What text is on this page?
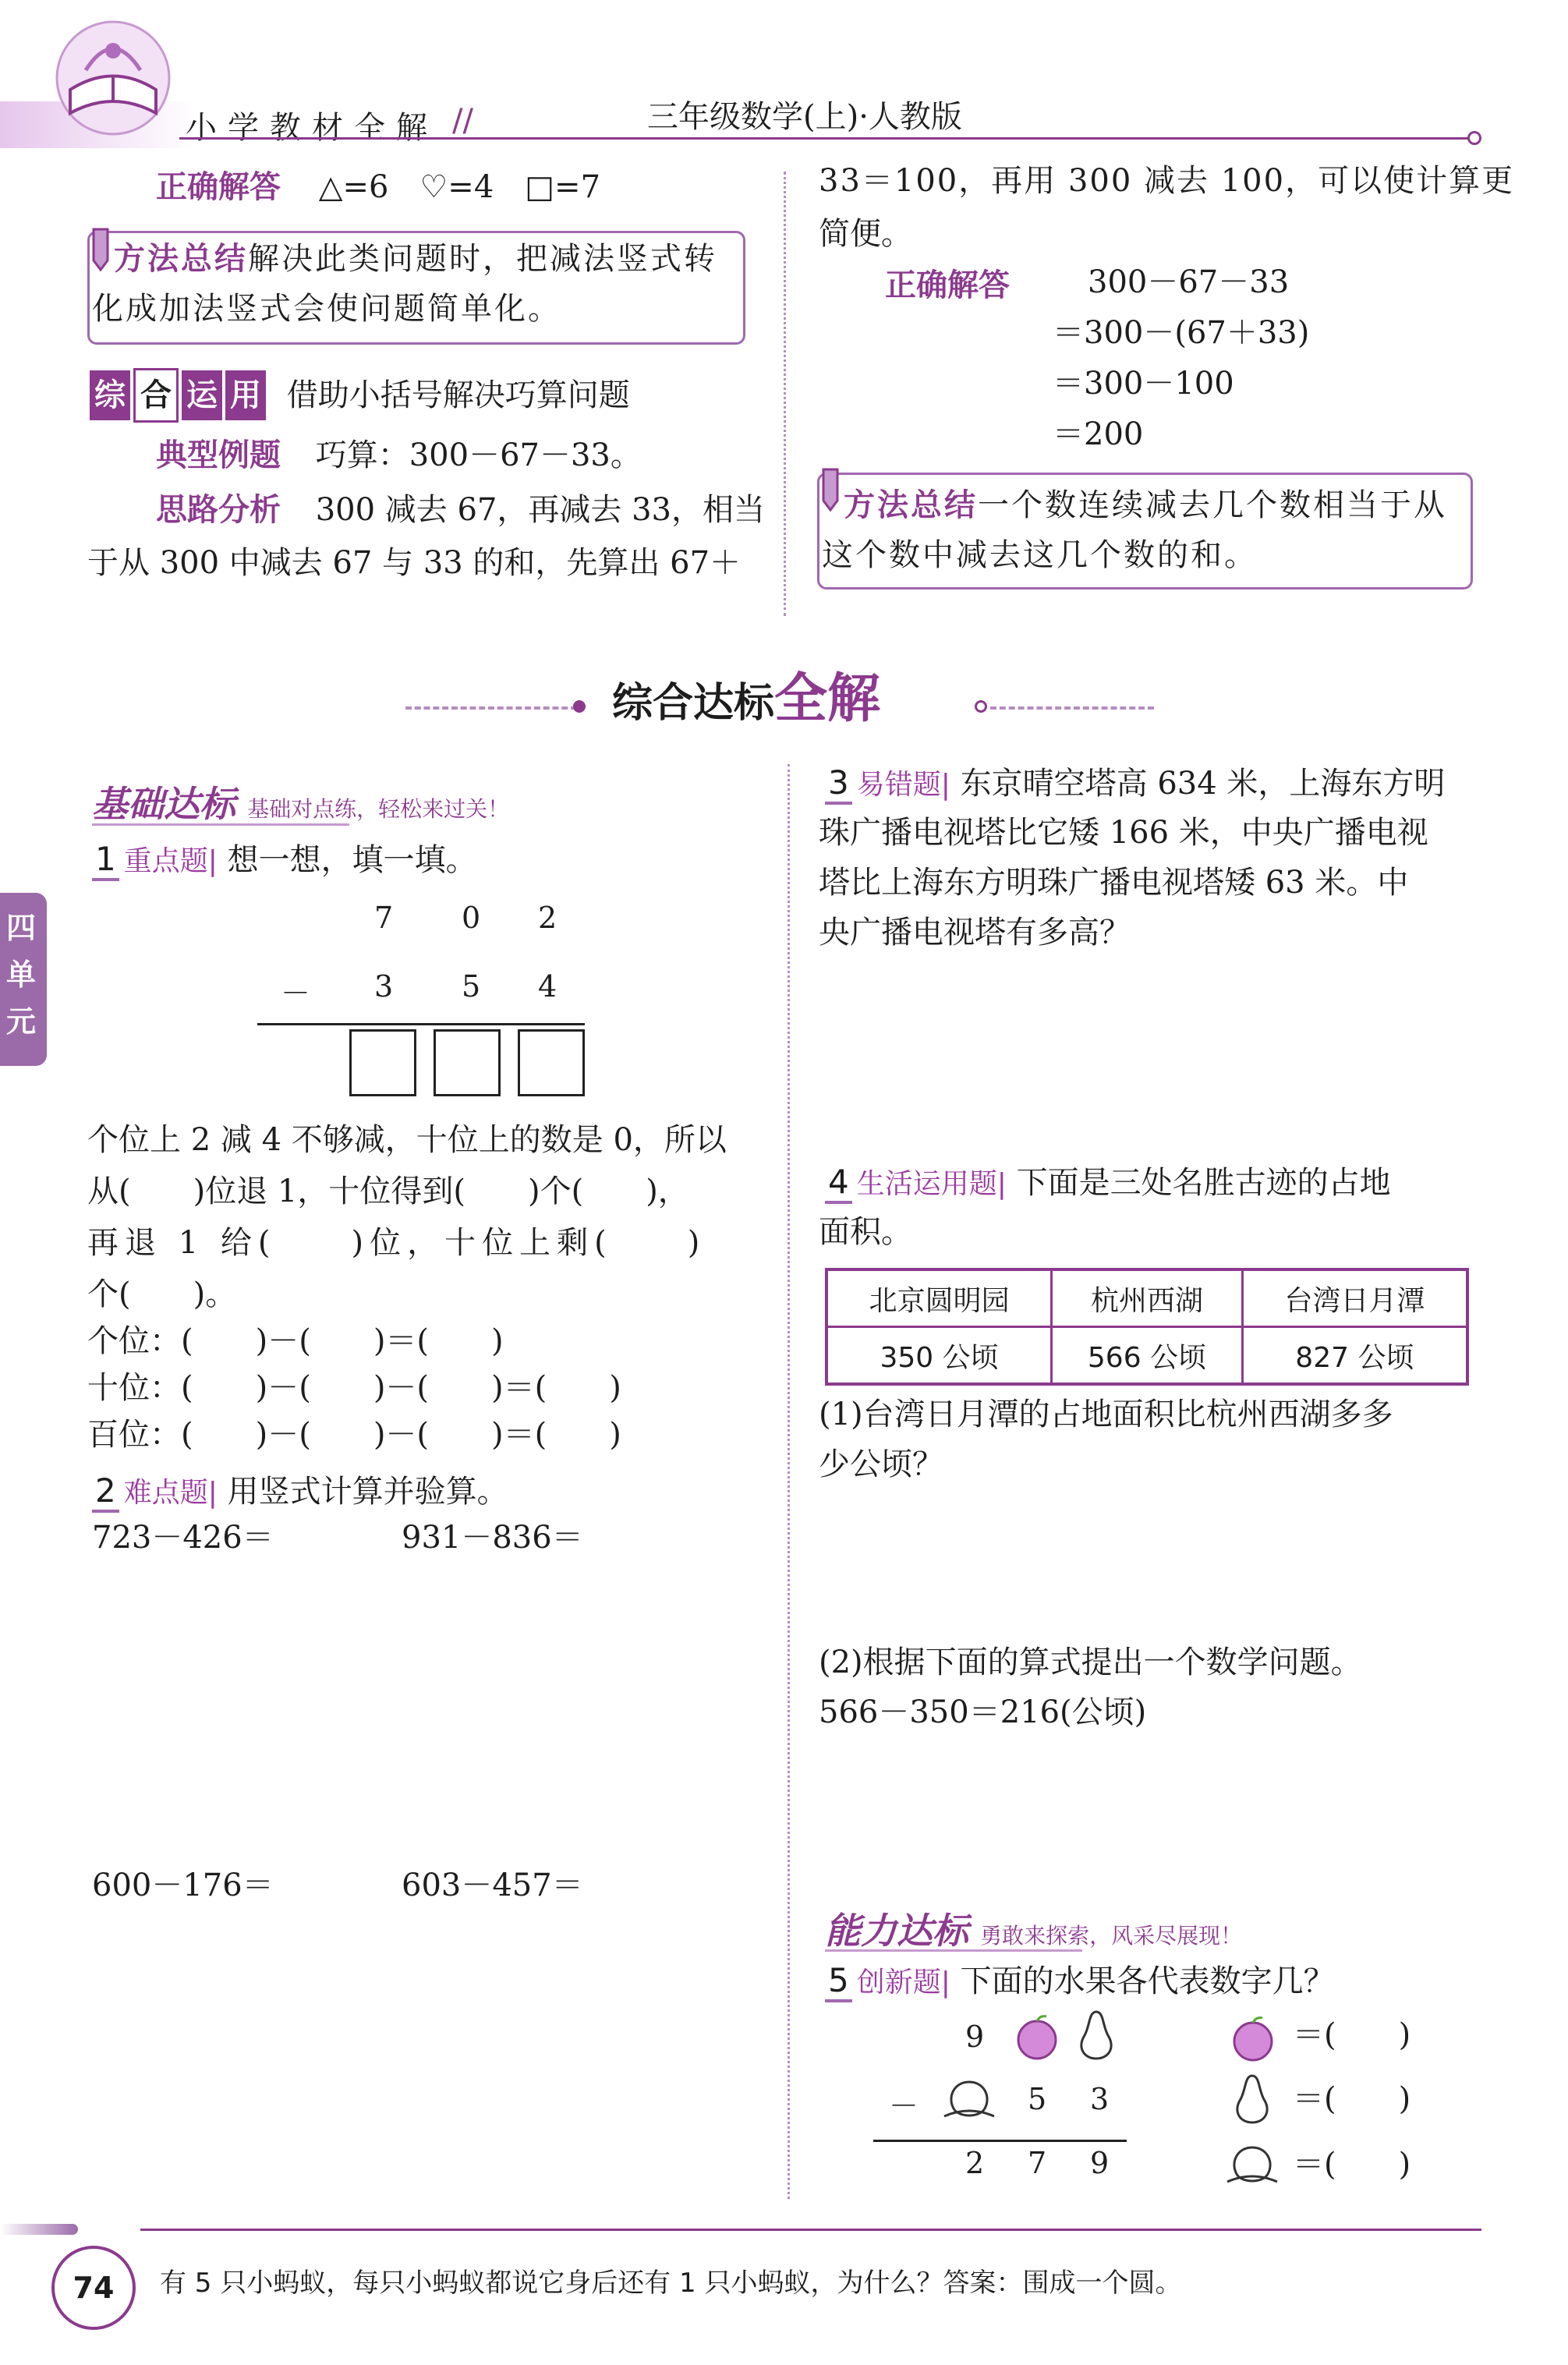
小学教材全解 //	三年级数学(上)·人教版
四单元
正确解答 △=6　♡=4　□=7
方法总结解决此类问题时，把减法竖式转化成加法竖式会使问题简单化。
综 合 运 用 借助小括号解决巧算问题
典型例题 巧算：300－67－33。
思路分析 300 减去 67，再减去 33，相当
于从 300 中减去 67 与 33 的和，先算出 67＋
33＝100，再用 300 减去 100，可以使计算更
简便。
正确解答	300－67－33
＝300－(67＋33)
＝300－100
＝200
方法总结一个数连续减去几个数相当于从这个数中减去这几个数的和。
综合达标全解
基础达标 基础对点练，轻松来过关！
1 重点题| 想一想，填一填。
7 0 2
－ 3 5 4
个位上 2 减 4 不够减，十位上的数是 0，所以
从(　　)位退 1，十位得到(　　)个(　　)，
再退 1 给(　　)位，十位上剩(　　)
个(　　)。
个位：(　　)－(　　)＝(　　)
十位：(　　)－(　　)－(　　)＝(　　)
百位：(　　)－(　　)－(　　)＝(　　)
2 难点题| 用竖式计算并验算。
723－426＝	931－836＝
600－176＝	603－457＝
3 易错题| 东京晴空塔高 634 米，上海东方明
珠广播电视塔比它矮 166 米，中央广播电视
塔比上海东方明珠广播电视塔矮 63 米。中
央广播电视塔有多高？
4 生活运用题| 下面是三处名胜古迹的占地
面积。
北京圆明园	杭州西湖	台湾日月潭
350 公顷	566 公顷	827 公顷
(1)台湾日月潭的占地面积比杭州西湖多多
少公顷？
(2)根据下面的算式提出一个数学问题。
566－350＝216(公顷)
能力达标 勇敢来探索，风采尽展现！
5 创新题| 下面的水果各代表数字几？
9
－	5 3
2 7 9
＝(　　)
＝(　　)
＝(　　)
74	有 5 只小蚂蚁，每只小蚂蚁都说它身后还有 1 只小蚂蚁，为什么？答案：围成一个圆。
